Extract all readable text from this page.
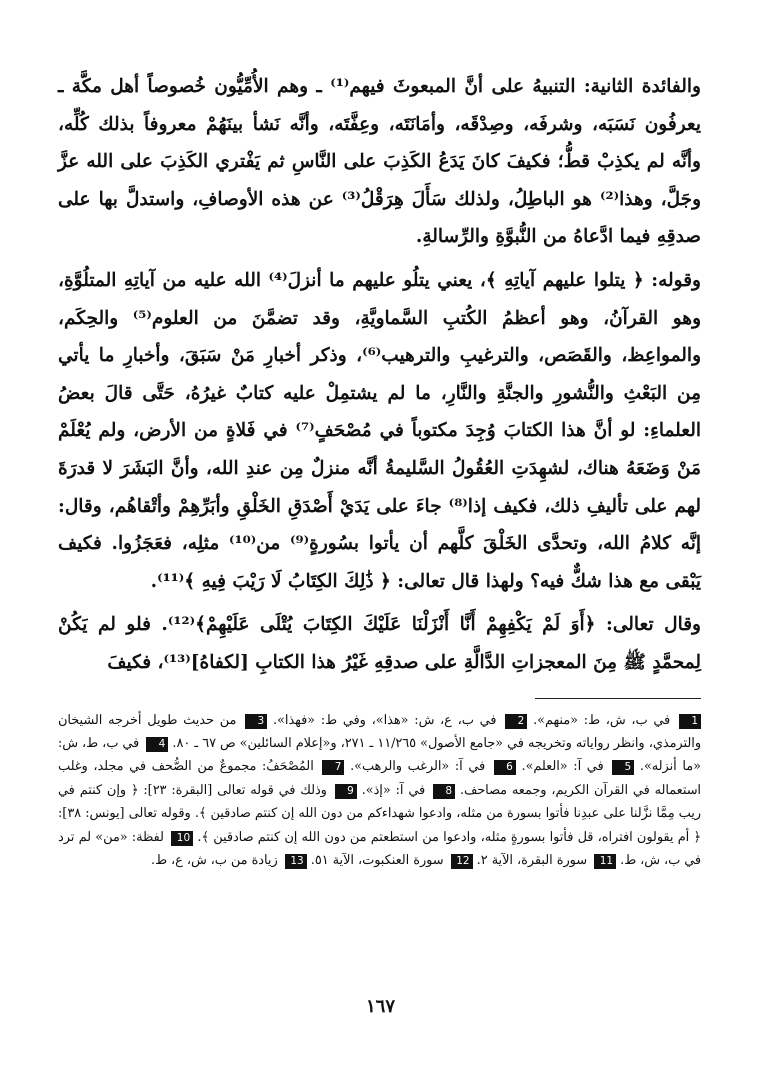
والفائدة الثانية: التنبيهُ على أنَّ المبعوثَ فيهم⁽¹⁾ ـ وهم الأُمِّيُّون خُصوصاً أهل مكَّة ـ يعرفُون نَسَبَه، وشرفَه، وصِدْقَه، وأمَانَتَه، وعِفَّتَه، وأنَّه نَشأ بينَهُمْ معروفاً بذلك كُلِّه، وأنَّه لم يكذِبْ قطُّ؛ فكيفَ كانَ يَدَعُ الكَذِبَ على النَّاسِ ثم يَفْتري الكَذِبَ على الله عزَّ وجَلَّ، وهذا⁽²⁾ هو الباطِلُ، ولذلك سَأَلَ هِرَقْلُ⁽³⁾ عن هذه الأوصافِ، واستدلَّ بها على صدقِهِ فيما ادَّعاهُ من النُّبوَّةِ والرِّسالةِ.

وقوله: ﴿ يتلوا عليهم آياتِهِ ﴾، يعني يتلُو عليهم ما أنزلَ⁽⁴⁾ الله عليه من آياتِهِ المتلُوَّةِ، وهو القرآنُ، وهو أعظمُ الكُتبِ السَّماويَّةِ، وقد تضمَّنَ من العلوم⁽⁵⁾ والحِكَم، والمواعِظ، والقَصَص، والترغيبِ والترهيب⁽⁶⁾، وذكر أخبارِ مَنْ سَبَقَ، وأخبارِ ما يأتي مِن البَعْثِ والنُّشورِ والجنَّةِ والنَّارِ، ما لم يشتمِلْ عليه كتابٌ غيرُهُ، حَتَّى قالَ بعضُ العلماءِ: لو أنَّ هذا الكتابَ وُجِدَ مكتوباً في مُصْحَفٍ⁽⁷⁾ في فَلاةٍ من الأرض، ولم يُعْلَمْ مَنْ وَضَعَهُ هناك، لشهِدَتِ العُقُولُ السَّليمةُ أنَّه منزلٌ مِن عندِ الله، وأنَّ البَشَرَ لا قدرَةَ لهم على تأليفِ ذلك، فكيف إذا⁽⁸⁾ جاءَ على يَدَيْ أَصْدَقِ الخَلْقِ وأبَرِّهِمْ وأتْقاهُم، وقال: إنَّه كلامُ الله، وتحدَّى الخَلْقَ كلَّهم أن يأتوا بسُورةٍ⁽⁹⁾ من⁽¹⁰⁾ مثلِه، فعَجَزُوا. فكيف يَبْقى مع هذا شكٌّ فيه؟ ولهذا قال تعالى: ﴿ ذَٰلِكَ الكِتَابُ لَا رَيْبَ فِيهِ ﴾⁽¹¹⁾.

وقال تعالى: ﴿أَوَ لَمْ يَكْفِهِمْ أَنَّا أَنْزَلْنَا عَلَيْكَ الكِتَابَ يُتْلَى عَلَيْهِمْ﴾⁽¹²⁾. فلو لم يَكُنْ لِمحمَّدٍ ﷺ مِنَ المعجزاتِ الدَّالَّةِ على صدقِهِ غَيْرُ هذا الكتابِ [لكفاهُ]⁽¹³⁾، فكيفَ

1 في ب، ش، ط: «منهم». 2 في ب، ع، ش: «هذا»، وفي ط: «فهذا». 3 من حديث طويل أخرجه الشيخان والترمذي، وانظر رواياته وتخريجه في «جامع الأصول» ١١/٢٦٥ ـ ٢٧١، و«إعلام السائلين» ص ٦٧ ـ ٨٠. 4 في ب، ط، ش: «ما أنزله». 5 في آ: «العلم». 6 في آ: «الرغب والرهب». 7 المُصْحَفُ: مجموعٌ من الصُّحف في مجلد، وغلب استعماله في القرآن الكريم، وجمعه مصاحف. 8 في آ: «إذ». 9 وذلك في قوله تعالى [البقرة: ٢٣]: ﴿ وإن كنتم في ريب مِمَّا نزَّلنا على عبدِنا فأتوا بسورة من مثله، وادعوا شهداءكم من دون الله إن كنتم صادقين ﴾. وقوله تعالى [يونس: ٣٨]: ﴿ أم يقولون افتراه، قل فأتوا بسورةٍ مثله، وادعوا من استطعتم من دون الله إن كنتم صادقين ﴾. 10 لفظة: «من» لم ترد في ب، ش، ط. 11 سورة البقرة، الآية ٢. 12 سورة العنكبوت، الآية ٥١. 13 زيادة من ب، ش، ع، ط.
١٦٧
